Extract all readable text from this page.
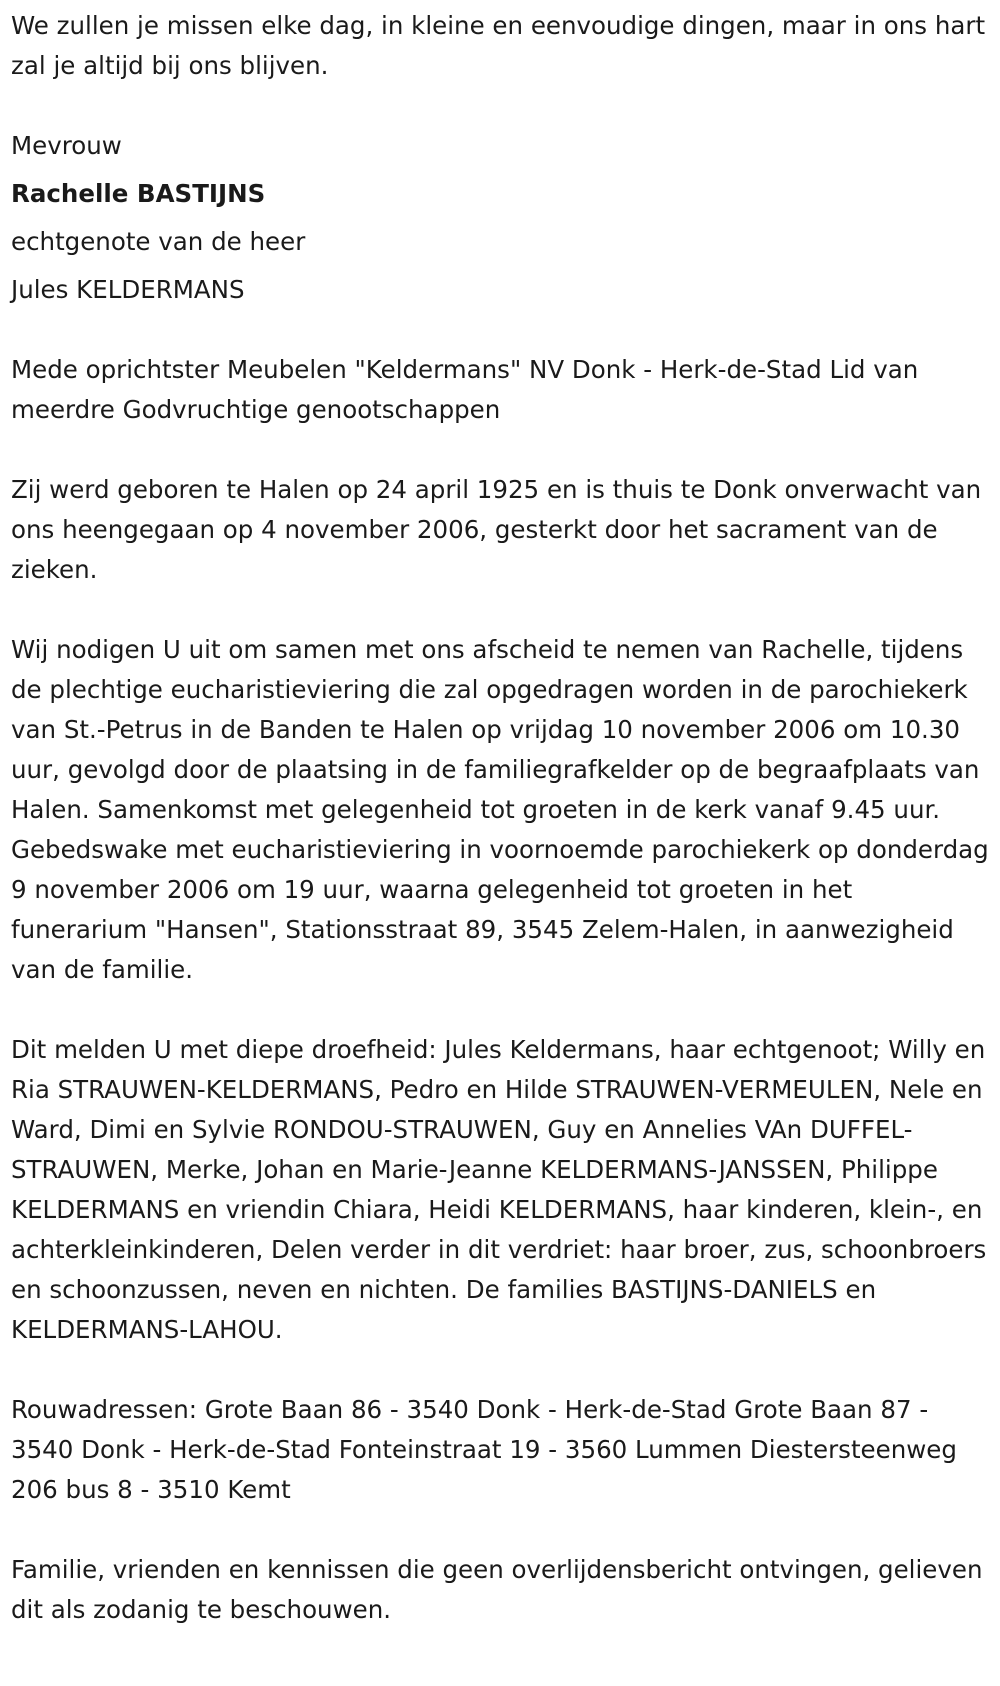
We zullen je missen elke dag, in kleine en eenvoudige dingen, maar in ons hart zal je altijd bij ons blijven.
Mevrouw
Rachelle BASTIJNS
echtgenote van de heer
Jules KELDERMANS
Mede oprichtster Meubelen "Keldermans" NV Donk - Herk-de-Stad Lid van meerdre Godvruchtige genootschappen
Zij werd geboren te Halen op 24 april 1925 en is thuis te Donk onverwacht van ons heengegaan op 4 november 2006, gesterkt door het sacrament van de zieken.
Wij nodigen U uit om samen met ons afscheid te nemen van Rachelle, tijdens de plechtige eucharistieviering die zal opgedragen worden in de parochiekerk van St.-Petrus in de Banden te Halen op vrijdag 10 november 2006 om 10.30 uur, gevolgd door de plaatsing in de familiegrafkelder op de begraafplaats van Halen. Samenkomst met gelegenheid tot groeten in de kerk vanaf 9.45 uur. Gebedswake met eucharistieviering in voornoemde parochiekerk op donderdag 9 november 2006 om 19 uur, waarna gelegenheid tot groeten in het funerarium "Hansen", Stationsstraat 89, 3545 Zelem-Halen, in aanwezigheid van de familie.
Dit melden U met diepe droefheid: Jules Keldermans, haar echtgenoot; Willy en Ria STRAUWEN-KELDERMANS, Pedro en Hilde STRAUWEN-VERMEULEN, Nele en Ward, Dimi en Sylvie RONDOU-STRAUWEN, Guy en Annelies VAn DUFFEL-STRAUWEN, Merke, Johan en Marie-Jeanne KELDERMANS-JANSSEN, Philippe KELDERMANS en vriendin Chiara, Heidi KELDERMANS, haar kinderen, klein-, en achterkleinkinderen, Delen verder in dit verdriet: haar broer, zus, schoonbroers en schoonzussen, neven en nichten. De families BASTIJNS-DANIELS en KELDERMANS-LAHOU.
Rouwadressen: Grote Baan 86 - 3540 Donk - Herk-de-Stad Grote Baan 87 - 3540 Donk - Herk-de-Stad Fonteinstraat 19 - 3560 Lummen Diestersteenweg 206 bus 8 - 3510 Kemt
Familie, vrienden en kennissen die geen overlijdensbericht ontvingen, gelieven dit als zodanig te beschouwen.
